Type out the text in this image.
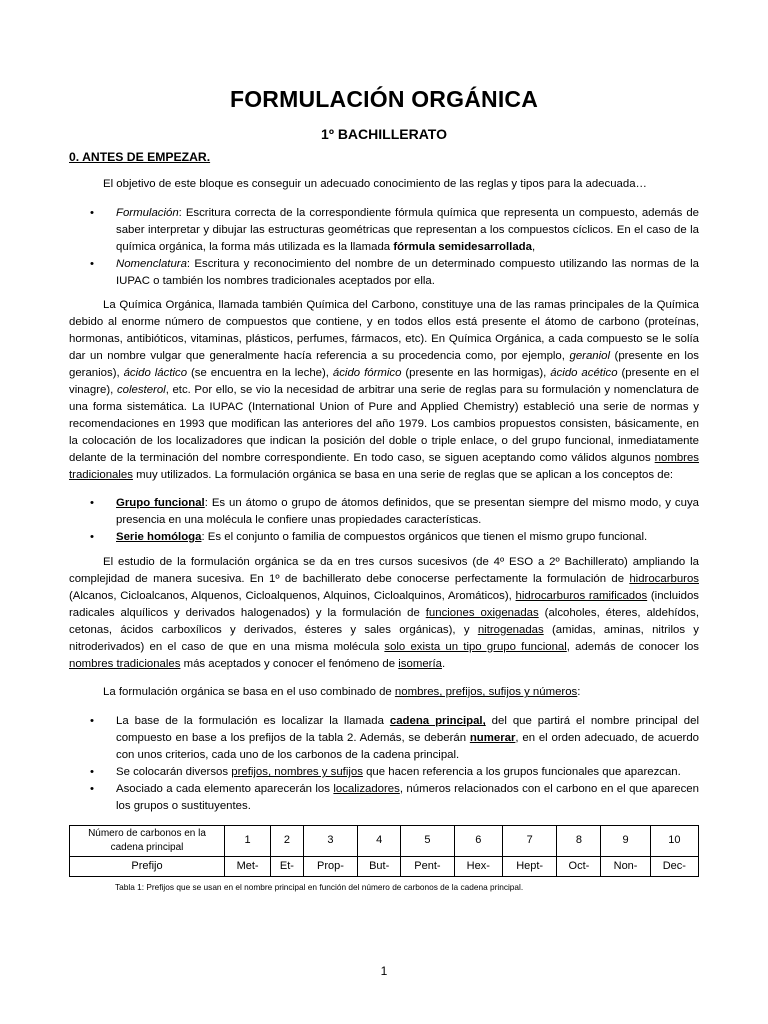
FORMULACIÓN ORGÁNICA
1º BACHILLERATO
0. ANTES DE EMPEZAR.

El objetivo de este bloque es conseguir un adecuado conocimiento de las reglas y tipos para la adecuada…

• Formulación: Escritura correcta de la correspondiente fórmula química que representa un compuesto, además de saber interpretar y dibujar las estructuras geométricas que representan a los compuestos cíclicos. En el caso de la química orgánica, la forma más utilizada es la llamada fórmula semidesarrollada,
• Nomenclatura: Escritura y reconocimiento del nombre de un determinado compuesto utilizando las normas de la IUPAC o también los nombres tradicionales aceptados por ella.

La Química Orgánica, llamada también Química del Carbono, constituye una de las ramas principales de la Química debido al enorme número de compuestos que contiene, y en todos ellos está presente el átomo de carbono (proteínas, hormonas, antibióticos, vitaminas, plásticos, perfumes, fármacos, etc). En Química Orgánica, a cada compuesto se le solía dar un nombre vulgar que generalmente hacía referencia a su procedencia como, por ejemplo, geraniol (presente en los geranios), ácido láctico (se encuentra en la leche), ácido fórmico (presente en las hormigas), ácido acético (presente en el vinagre), colesterol, etc. Por ello, se vio la necesidad de arbitrar una serie de reglas para su formulación y nomenclatura de una forma sistemática. La IUPAC (International Union of Pure and Applied Chemistry) estableció una serie de normas y recomendaciones en 1993 que modifican las anteriores del año 1979. Los cambios propuestos consisten, básicamente, en la colocación de los localizadores que indican la posición del doble o triple enlace, o del grupo funcional, inmediatamente delante de la terminación del nombre correspondiente. En todo caso, se siguen aceptando como válidos algunos nombres tradicionales muy utilizados. La formulación orgánica se basa en una serie de reglas que se aplican a los conceptos de:

• Grupo funcional: Es un átomo o grupo de átomos definidos, que se presentan siempre del mismo modo, y cuya presencia en una molécula le confiere unas propiedades características.
• Serie homóloga: Es el conjunto o familia de compuestos orgánicos que tienen el mismo grupo funcional.

El estudio de la formulación orgánica se da en tres cursos sucesivos (de 4º ESO a 2º Bachillerato) ampliando la complejidad de manera sucesiva. En 1º de bachillerato debe conocerse perfectamente la formulación de hidrocarburos (Alcanos, Cicloalcanos, Alquenos, Cicloalquenos, Alquinos, Cicloalquinos, Aromáticos), hidrocarburos ramificados (incluidos radicales alquílicos y derivados halogenados) y la formulación de funciones oxigenadas (alcoholes, éteres, aldehídos, cetonas, ácidos carboxílicos y derivados, ésteres y sales orgánicas), y nitrogenadas (amidas, aminas, nitrilos y nitroderivados) en el caso de que en una misma molécula solo exista un tipo grupo funcional, además de conocer los nombres tradicionales más aceptados y conocer el fenómeno de isomería.

La formulación orgánica se basa en el uso combinado de nombres, prefijos, sufijos y números:

• La base de la formulación es localizar la llamada cadena principal, del que partirá el nombre principal del compuesto en base a los prefijos de la tabla 2. Además, se deberán numerar, en el orden adecuado, de acuerdo con unos criterios, cada uno de los carbonos de la cadena principal.
• Se colocarán diversos prefijos, nombres y sufijos que hacen referencia a los grupos funcionales que aparezcan.
• Asociado a cada elemento aparecerán los localizadores, números relacionados con el carbono en el que aparecen los grupos o sustituyentes.
Número de carbonos en la cadena principal	1	2	3	4	5	6	7	8	9	10
Prefijo	Met-	Et-	Prop-	But-	Pent-	Hex-	Hept-	Oct-	Non-	Dec-
Tabla 1: Prefijos que se usan en el nombre principal en función del número de carbonos de la cadena principal.
1
